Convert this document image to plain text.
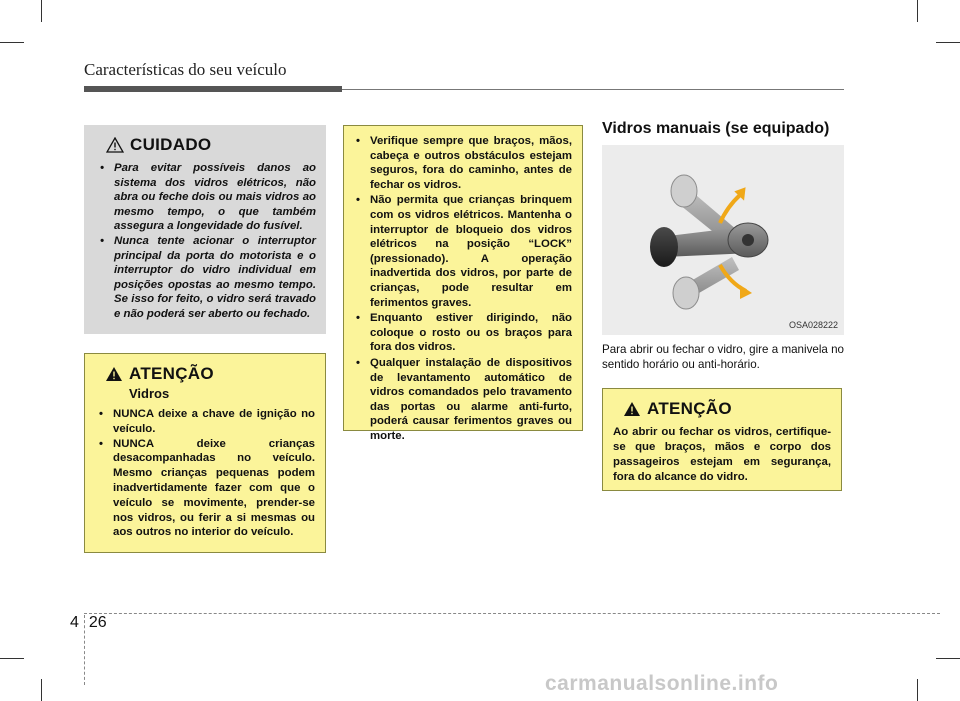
Características do seu veículo
CUIDADO
• Para evitar possíveis danos ao sistema dos vidros elétricos, não abra ou feche dois ou mais vidros ao mesmo tempo, o que também assegura a longevidade do fusível.
• Nunca tente acionar o interruptor principal da porta do motorista e o interruptor do vidro individual em posições opostas ao mesmo tempo. Se isso for feito, o vidro será travado e não poderá ser aberto ou fechado.
ATENÇÃO
Vidros
• NUNCA deixe a chave de ignição no veículo.
• NUNCA deixe crianças desacompanhadas no veículo. Mesmo crianças pequenas podem inadvertidamente fazer com que o veículo se movimente, prender-se nos vidros, ou ferir a si mesmas ou aos outros no interior do veículo.
• Verifique sempre que braços, mãos, cabeça e outros obstáculos estejam seguros, fora do caminho, antes de fechar os vidros.
• Não permita que crianças brinquem com os vidros elétricos. Mantenha o interruptor de bloqueio dos vidros elétricos na posição “LOCK” (pressionado). A operação inadvertida dos vidros, por parte de crianças, pode resultar em ferimentos graves.
• Enquanto estiver dirigindo, não coloque o rosto ou os braços para fora dos vidros.
• Qualquer instalação de dispositivos de levantamento automático de vidros comandados pelo travamento das portas ou alarme anti-furto, poderá causar ferimentos graves ou morte.
Vidros manuais (se equipado)
OSA028222
Para abrir ou fechar o vidro, gire a manivela no sentido horário ou anti-horário.
ATENÇÃO
Ao abrir ou fechar os vidros, certifique-se que braços, mãos e corpo dos passageiros estejam em segurança, fora do alcance do vidro.
4 26
carmanualsonline.info
